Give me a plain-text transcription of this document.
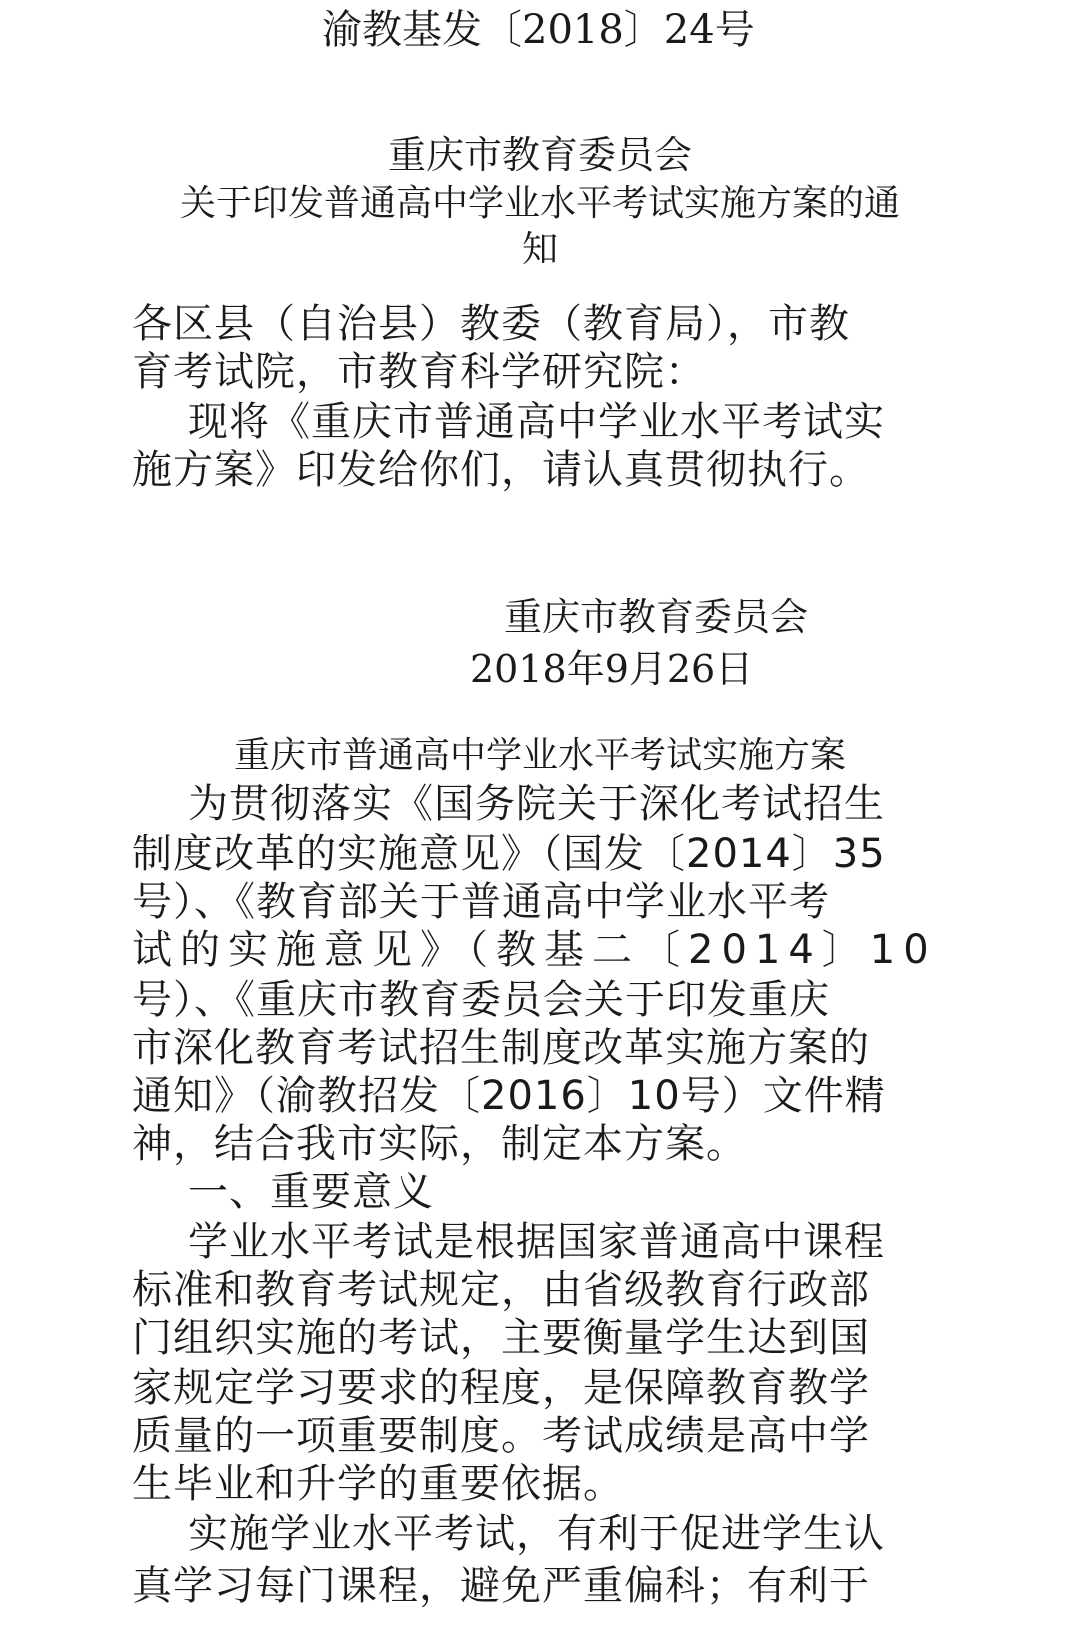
渝教基发〔2018〕24号
重庆市教育委员会
关于印发普通高中学业水平考试实施方案的通
知
各区县（自治县）教委（教育局），市教
育考试院，市教育科学研究院：
现将《重庆市普通高中学业水平考试实
施方案》印发给你们，请认真贯彻执行。
重庆市教育委员会
2018年9月26日
重庆市普通高中学业水平考试实施方案
为贯彻落实《国务院关于深化考试招生
制度改革的实施意见》（国发〔2014〕35
号）、《教育部关于普通高中学业水平考
试的实施意见》（教基二〔2014〕10
号）、《重庆市教育委员会关于印发重庆
市深化教育考试招生制度改革实施方案的
通知》（渝教招发〔2016〕10号）文件精
神，结合我市实际，制定本方案。
一、重要意义
学业水平考试是根据国家普通高中课程
标准和教育考试规定，由省级教育行政部
门组织实施的考试，主要衡量学生达到国
家规定学习要求的程度，是保障教育教学
质量的一项重要制度。考试成绩是高中学
生毕业和升学的重要依据。
实施学业水平考试，有利于促进学生认
真学习每门课程，避免严重偏科；有利于
